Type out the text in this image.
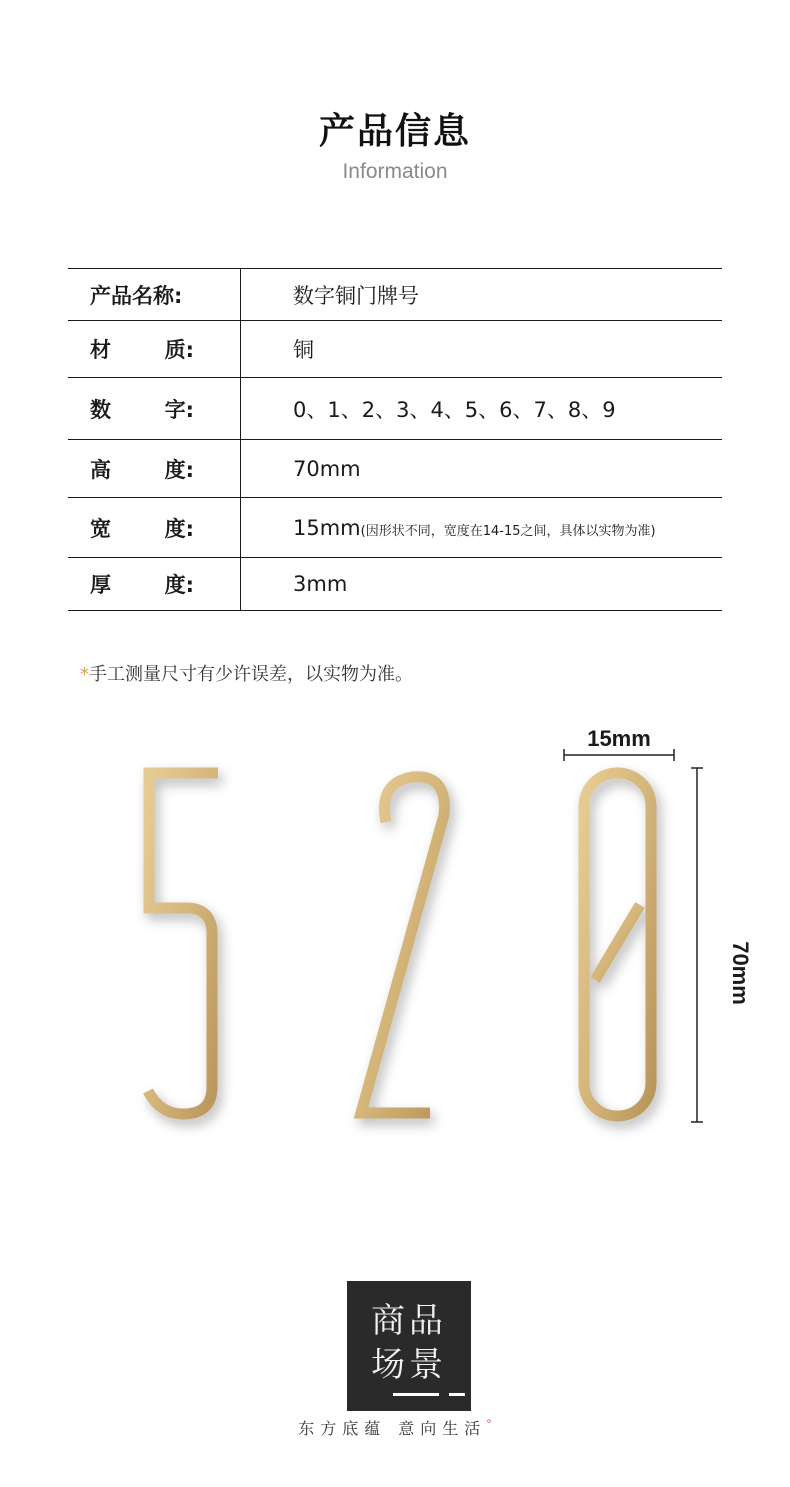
产品信息
Information
产品名称:	数字铜门牌号

材 质:	铜

数 字:	0、1、2、3、4、5、6、7、8、9

高 度:	70mm

宽 度:	15mm(因形状不同，宽度在14-15之间，具体以实物为准)

厚 度:	3mm
*手工测量尺寸有少许误差，以实物为准。
15mm
70mm
商品
场景
东方底蕴 意向生活°
